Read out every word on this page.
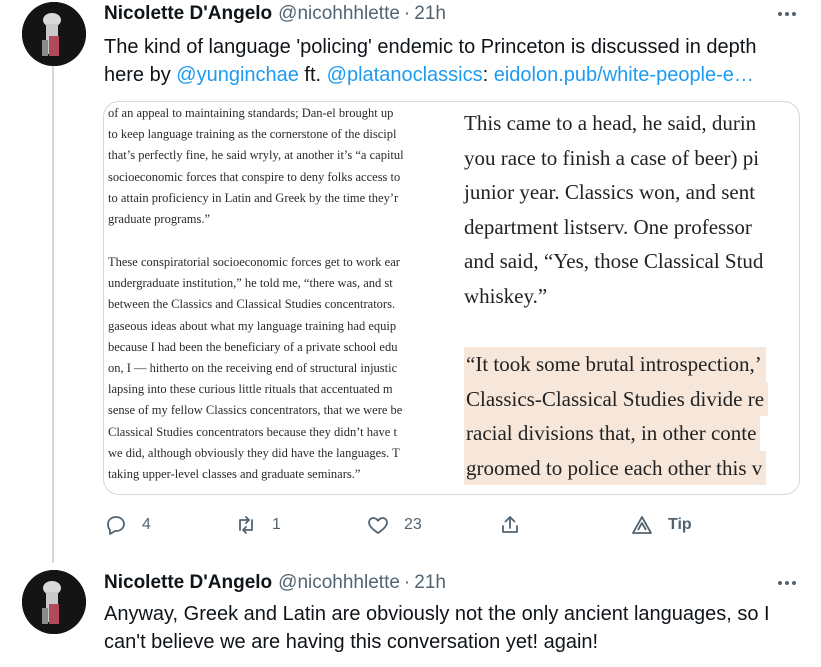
Nicolette D'Angelo @nicohhhlette · 21h
The kind of language 'policing' endemic to Princeton is discussed in depth here by @yunginchae ft. @platanoclassics: eidolon.pub/white-people-e…
of an appeal to maintaining standards; Dan-el brought up
to keep language training as the cornerstone of the discipl
that’s perfectly fine, he said wryly, at another it’s “a capitul
socioeconomic forces that conspire to deny folks access to
to attain proficiency in Latin and Greek by the time they’r
graduate programs.”
These conspiratorial socioeconomic forces get to work ear
undergraduate institution,” he told me, “there was, and st
between the Classics and Classical Studies concentrators.
gaseous ideas about what my language training had equip
because I had been the beneficiary of a private school edu
on, I — hitherto on the receiving end of structural injustic
lapsing into these curious little rituals that accentuated m
sense of my fellow Classics concentrators, that we were be
Classical Studies concentrators because they didn’t have t
we did, although obviously they did have the languages. T
taking upper-level classes and graduate seminars.”
This came to a head, he said, durin
you race to finish a case of beer) pi
junior year. Classics won, and sent
department listserv. One professor
and said, “Yes, those Classical Stud
whiskey.”
“It took some brutal introspection,’
Classics-Classical Studies divide re
racial divisions that, in other conte
groomed to police each other this v
4	1	23	Tip
Nicolette D'Angelo @nicohhhlette · 21h
Anyway, Greek and Latin are obviously not the only ancient languages, so I can't believe we are having this conversation yet! again!
